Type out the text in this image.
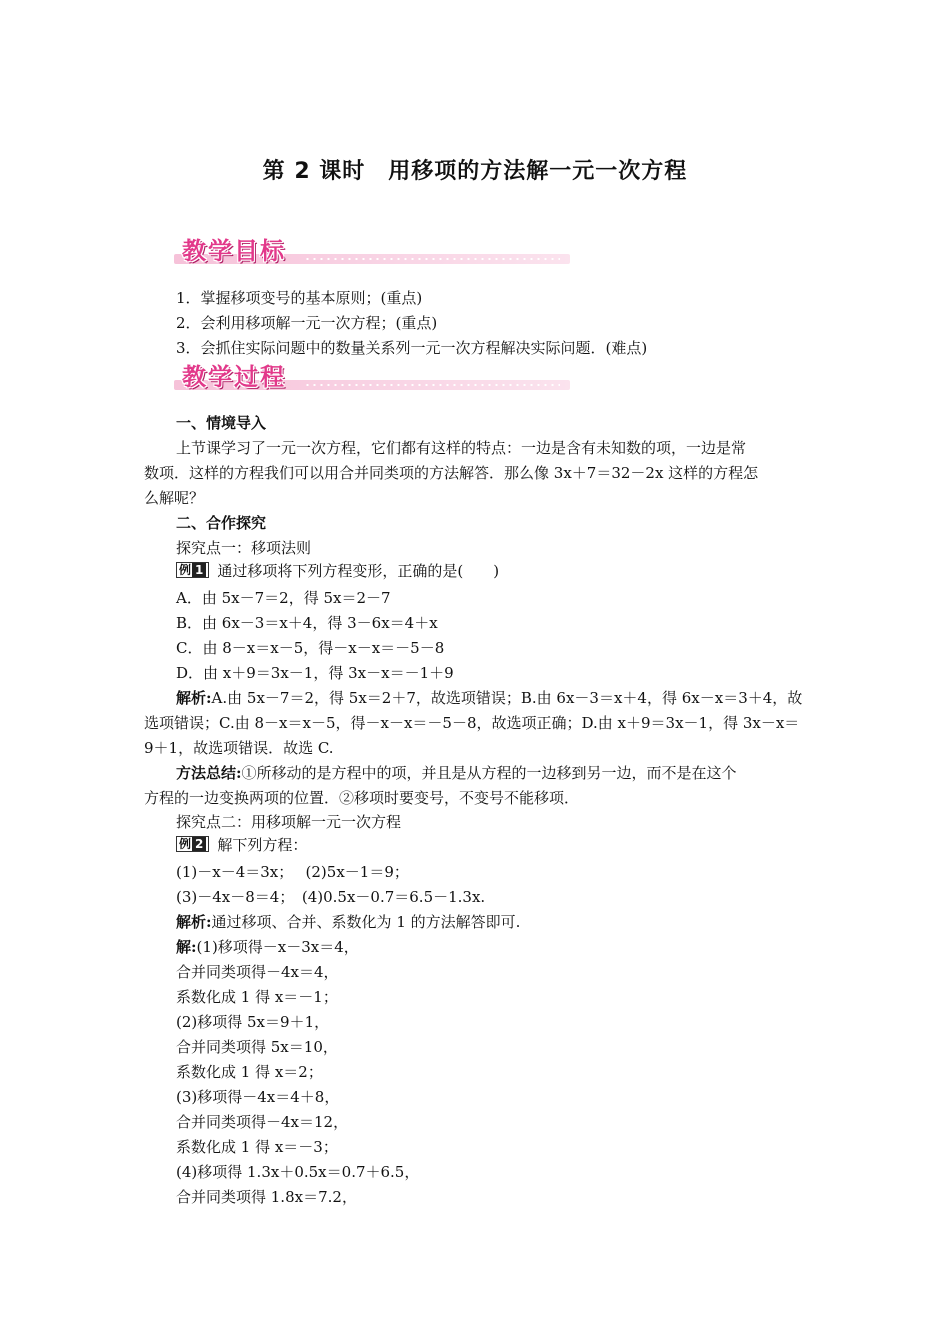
第 2 课时　用移项的方法解一元一次方程
教学目标
1．掌握移项变号的基本原则；(重点)
2．会利用移项解一元一次方程；(重点)
3．会抓住实际问题中的数量关系列一元一次方程解决实际问题．(难点)
教学过程
一、情境导入
上节课学习了一元一次方程，它们都有这样的特点：一边是含有未知数的项，一边是常
数项．这样的方程我们可以用合并同类项的方法解答．那么像 3x＋7＝32－2x 这样的方程怎
么解呢？
二、合作探究
探究点一：移项法则
例 1 通过移项将下列方程变形，正确的是(　　)
A．由 5x－7＝2，得 5x＝2－7
B．由 6x－3＝x＋4，得 3－6x＝4＋x
C．由 8－x＝x－5，得－x－x＝－5－8
D．由 x＋9＝3x－1，得 3x－x＝－1＋9
解析:A.由 5x－7＝2，得 5x＝2＋7，故选项错误；B.由 6x－3＝x＋4，得 6x－x＝3＋4，故
选项错误；C.由 8－x＝x－5，得－x－x＝－5－8，故选项正确；D.由 x＋9＝3x－1，得 3x－x＝
9＋1，故选项错误．故选 C.
方法总结:①所移动的是方程中的项，并且是从方程的一边移到另一边，而不是在这个
方程的一边变换两项的位置．②移项时要变号，不变号不能移项．
探究点二：用移项解一元一次方程
例 2 解下列方程：
(1)－x－4＝3x；　 (2)5x－1＝9；
(3)－4x－8＝4；　(4)0.5x－0.7＝6.5－1.3x.
解析:通过移项、合并、系数化为 1 的方法解答即可.
解:(1)移项得－x－3x＝4，
合并同类项得－4x＝4，
系数化成 1 得 x＝－1；
(2)移项得 5x＝9＋1，
合并同类项得 5x＝10，
系数化成 1 得 x＝2；
(3)移项得－4x＝4＋8，
合并同类项得－4x＝12，
系数化成 1 得 x＝－3；
(4)移项得 1.3x＋0.5x＝0.7＋6.5，
合并同类项得 1.8x＝7.2，
